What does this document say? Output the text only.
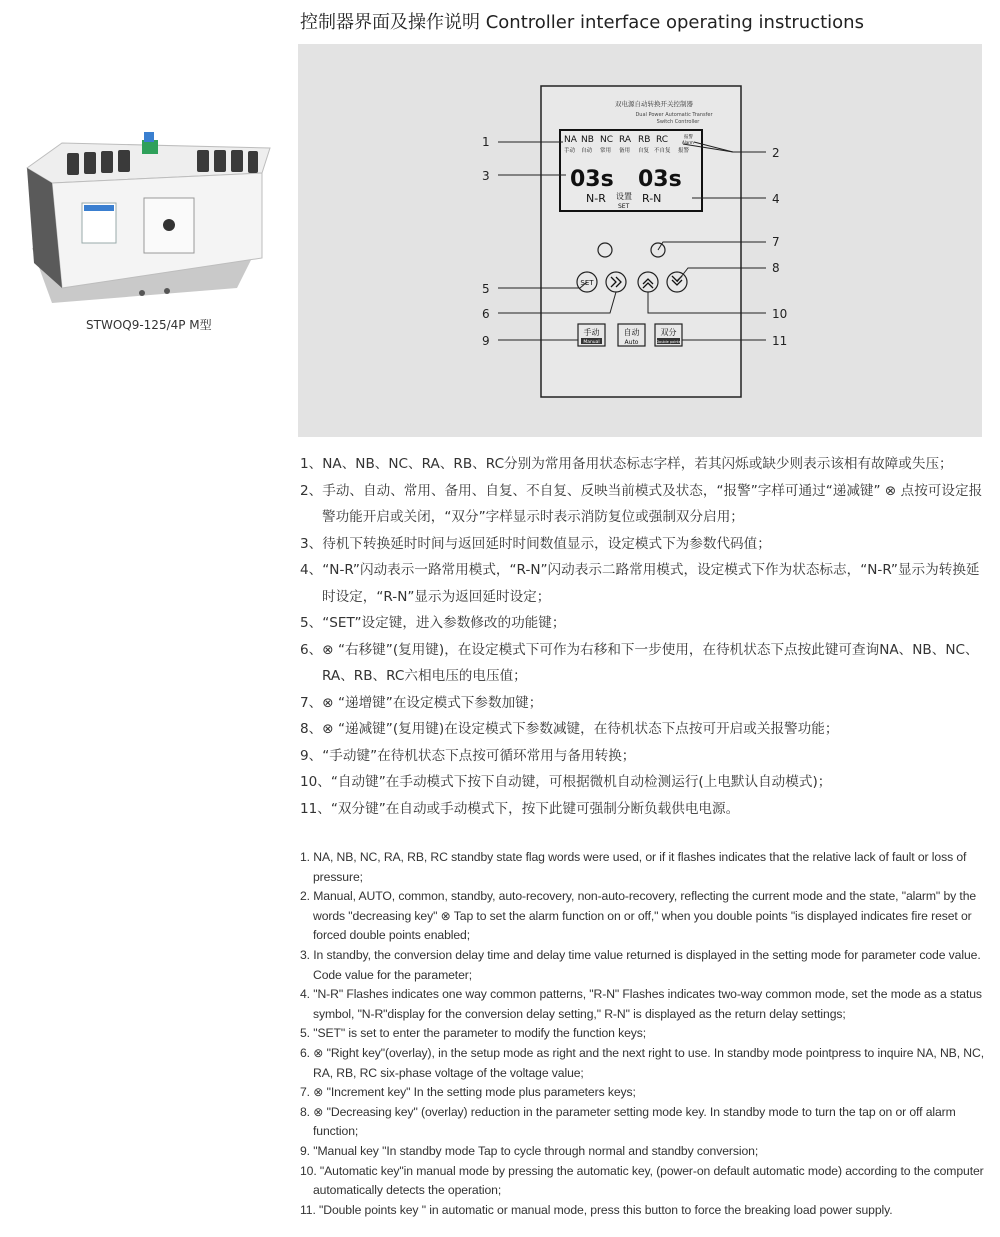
控制器界面及操作说明 Controller interface operating instructions
STWOQ9-125/4P M型
双电源自动转换开关控制器
Dual Power Automatic Transfer
Switch Controller
NA NB NC RA RB RC	报警
Alarm
手动 自动 常用 备用 自复 不自复 报警
03s 03s
N-R 设置
SET
R-N
SET
手动
Manual
自动
Auto
双分
Double points
1
2
3
4
5
6
7
8
9
10
11
1、NA、NB、NC、RA、RB、RC分别为常用备用状态标志字样，若其闪烁或缺少则表示该相有故障或失压；
2、手动、自动、常用、备用、自复、不自复、反映当前模式及状态，“报警”字样可通过“递减键” ⊗ 点按可设定报警功能开启或关闭，“双分”字样显示时表示消防复位或强制双分启用；
3、待机下转换延时时间与返回延时时间数值显示，设定模式下为参数代码值；
4、“N-R”闪动表示一路常用模式，“R-N”闪动表示二路常用模式，设定模式下作为状态标志，“N-R”显示为转换延时设定，“R-N”显示为返回延时设定；
5、“SET”设定键，进入参数修改的功能键；
6、⊗ “右移键”(复用键)，在设定模式下可作为右移和下一步使用，在待机状态下点按此键可查询NA、NB、NC、RA、RB、RC六相电压的电压值；
7、⊗ “递增键”在设定模式下参数加键；
8、⊗ “递减键”(复用键)在设定模式下参数减键，在待机状态下点按可开启或关报警功能；
9、“手动键”在待机状态下点按可循环常用与备用转换；
10、“自动键”在手动模式下按下自动键，可根据微机自动检测运行(上电默认自动模式)；
11、“双分键”在自动或手动模式下，按下此键可强制分断负载供电电源。
1. NA, NB, NC, RA, RB, RC standby state flag words were used, or if it flashes indicates that the relative lack of fault or loss of pressure;
2. Manual, AUTO, common, standby, auto-recovery, non-auto-recovery, reflecting the current mode and the state, "alarm" by the words "decreasing key" ⊗ Tap to set the alarm function on or off," when you double points "is displayed indicates fire reset or forced double points enabled;
3. In standby, the conversion delay time and delay time value returned is displayed in the setting mode for parameter code value. Code value for the parameter;
4. "N-R" Flashes indicates one way common patterns, "R-N" Flashes indicates two-way common mode, set the mode as a status symbol, "N-R"display for the conversion delay setting," R-N" is displayed as the return delay settings;
5. "SET" is set to enter the parameter to modify the function keys;
6. ⊗ "Right key"(overlay), in the setup mode as right and the next right to use. In standby mode pointpress to inquire NA, NB, NC, RA, RB, RC six-phase voltage of the voltage value;
7. ⊗ "Increment key" In the setting mode plus parameters keys;
8. ⊗ "Decreasing key" (overlay) reduction in the parameter setting mode key. In standby mode to turn the tap on or off alarm function;
9. "Manual key "In standby mode Tap to cycle through normal and standby conversion;
10. "Automatic key"in manual mode by pressing the automatic key, (power-on default automatic mode) according to the computer automatically detects the operation;
11. "Double points key " in automatic or manual mode, press this button to force the breaking load power supply.
